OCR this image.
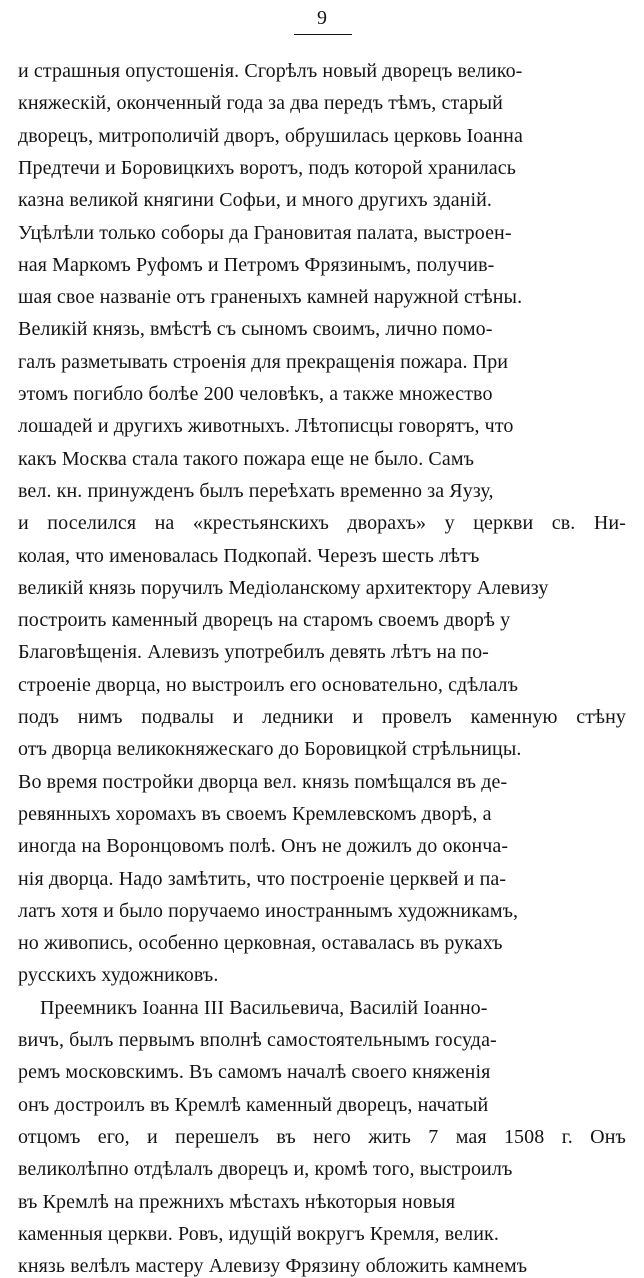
9
и страшныя опустошенія. Сгорѣлъ новый дворецъ велико-
княжескій, оконченный года за два передъ тѣмъ, старый
дворецъ, митрополичій дворъ, обрушилась церковь Іоанна
Предтечи и Боровицкихъ воротъ, подъ которой хранилась
казна великой княгини Софьи, и много другихъ зданій.
Уцѣлѣли только соборы да Грановитая палата, выстроен-
ная Маркомъ Руфомъ и Петромъ Фрязинымъ, получив-
шая свое названіе отъ граненыхъ камней наружной стѣны.
Великій князь, вмѣстѣ съ сыномъ своимъ, лично помо-
галъ разметывать строенія для прекращенія пожара. При
этомъ погибло болѣе 200 человѣкъ, а также множество
лошадей и другихъ животныхъ. Лѣтописцы говорятъ, что
какъ Москва стала такого пожара еще не было. Самъ
вел. кн. принужденъ былъ переѣхать временно за Яузу,
и поселился на «крестьянскихъ дворахъ» у церкви св. Ни-
колая, что именовалась Подкопай. Черезъ шесть лѣтъ
великій князь поручилъ Медіоланскому архитектору Алевизу
построить каменный дворецъ на старомъ своемъ дворѣ у
Благовѣщенія. Алевизъ употребилъ девять лѣтъ на по-
строеніе дворца, но выстроилъ его основательно, сдѣлалъ
подъ нимъ подвалы и ледники и провелъ каменную стѣну
отъ дворца великокняжескаго до Боровицкой стрѣльницы.
Во время постройки дворца вел. князь помѣщался въ де-
ревянныхъ хоромахъ въ своемъ Кремлевскомъ дворѣ, а
иногда на Воронцовомъ полѣ. Онъ не дожилъ до оконча-
нія дворца. Надо замѣтить, что построеніе церквей и па-
латъ хотя и было поручаемо иностраннымъ художникамъ,
но живопись, особенно церковная, оставалась въ рукахъ
русскихъ художниковъ.
Преемникъ Іоанна III Васильевича, Василій Іоанно-
вичъ, былъ первымъ вполнѣ самостоятельнымъ госуда-
ремъ московскимъ. Въ самомъ началѣ своего княженія
онъ достроилъ въ Кремлѣ каменный дворецъ, начатый
отцомъ его, и перешелъ въ него жить 7 мая 1508 г. Онъ
великолѣпно отдѣлалъ дворецъ и, кромѣ того, выстроилъ
въ Кремлѣ на прежнихъ мѣстахъ нѣкоторыя новыя
каменныя церкви. Ровъ, идущій вокругъ Кремля, велик.
князь велѣлъ мастеру Алевизу Фрязину обложить камнемъ
